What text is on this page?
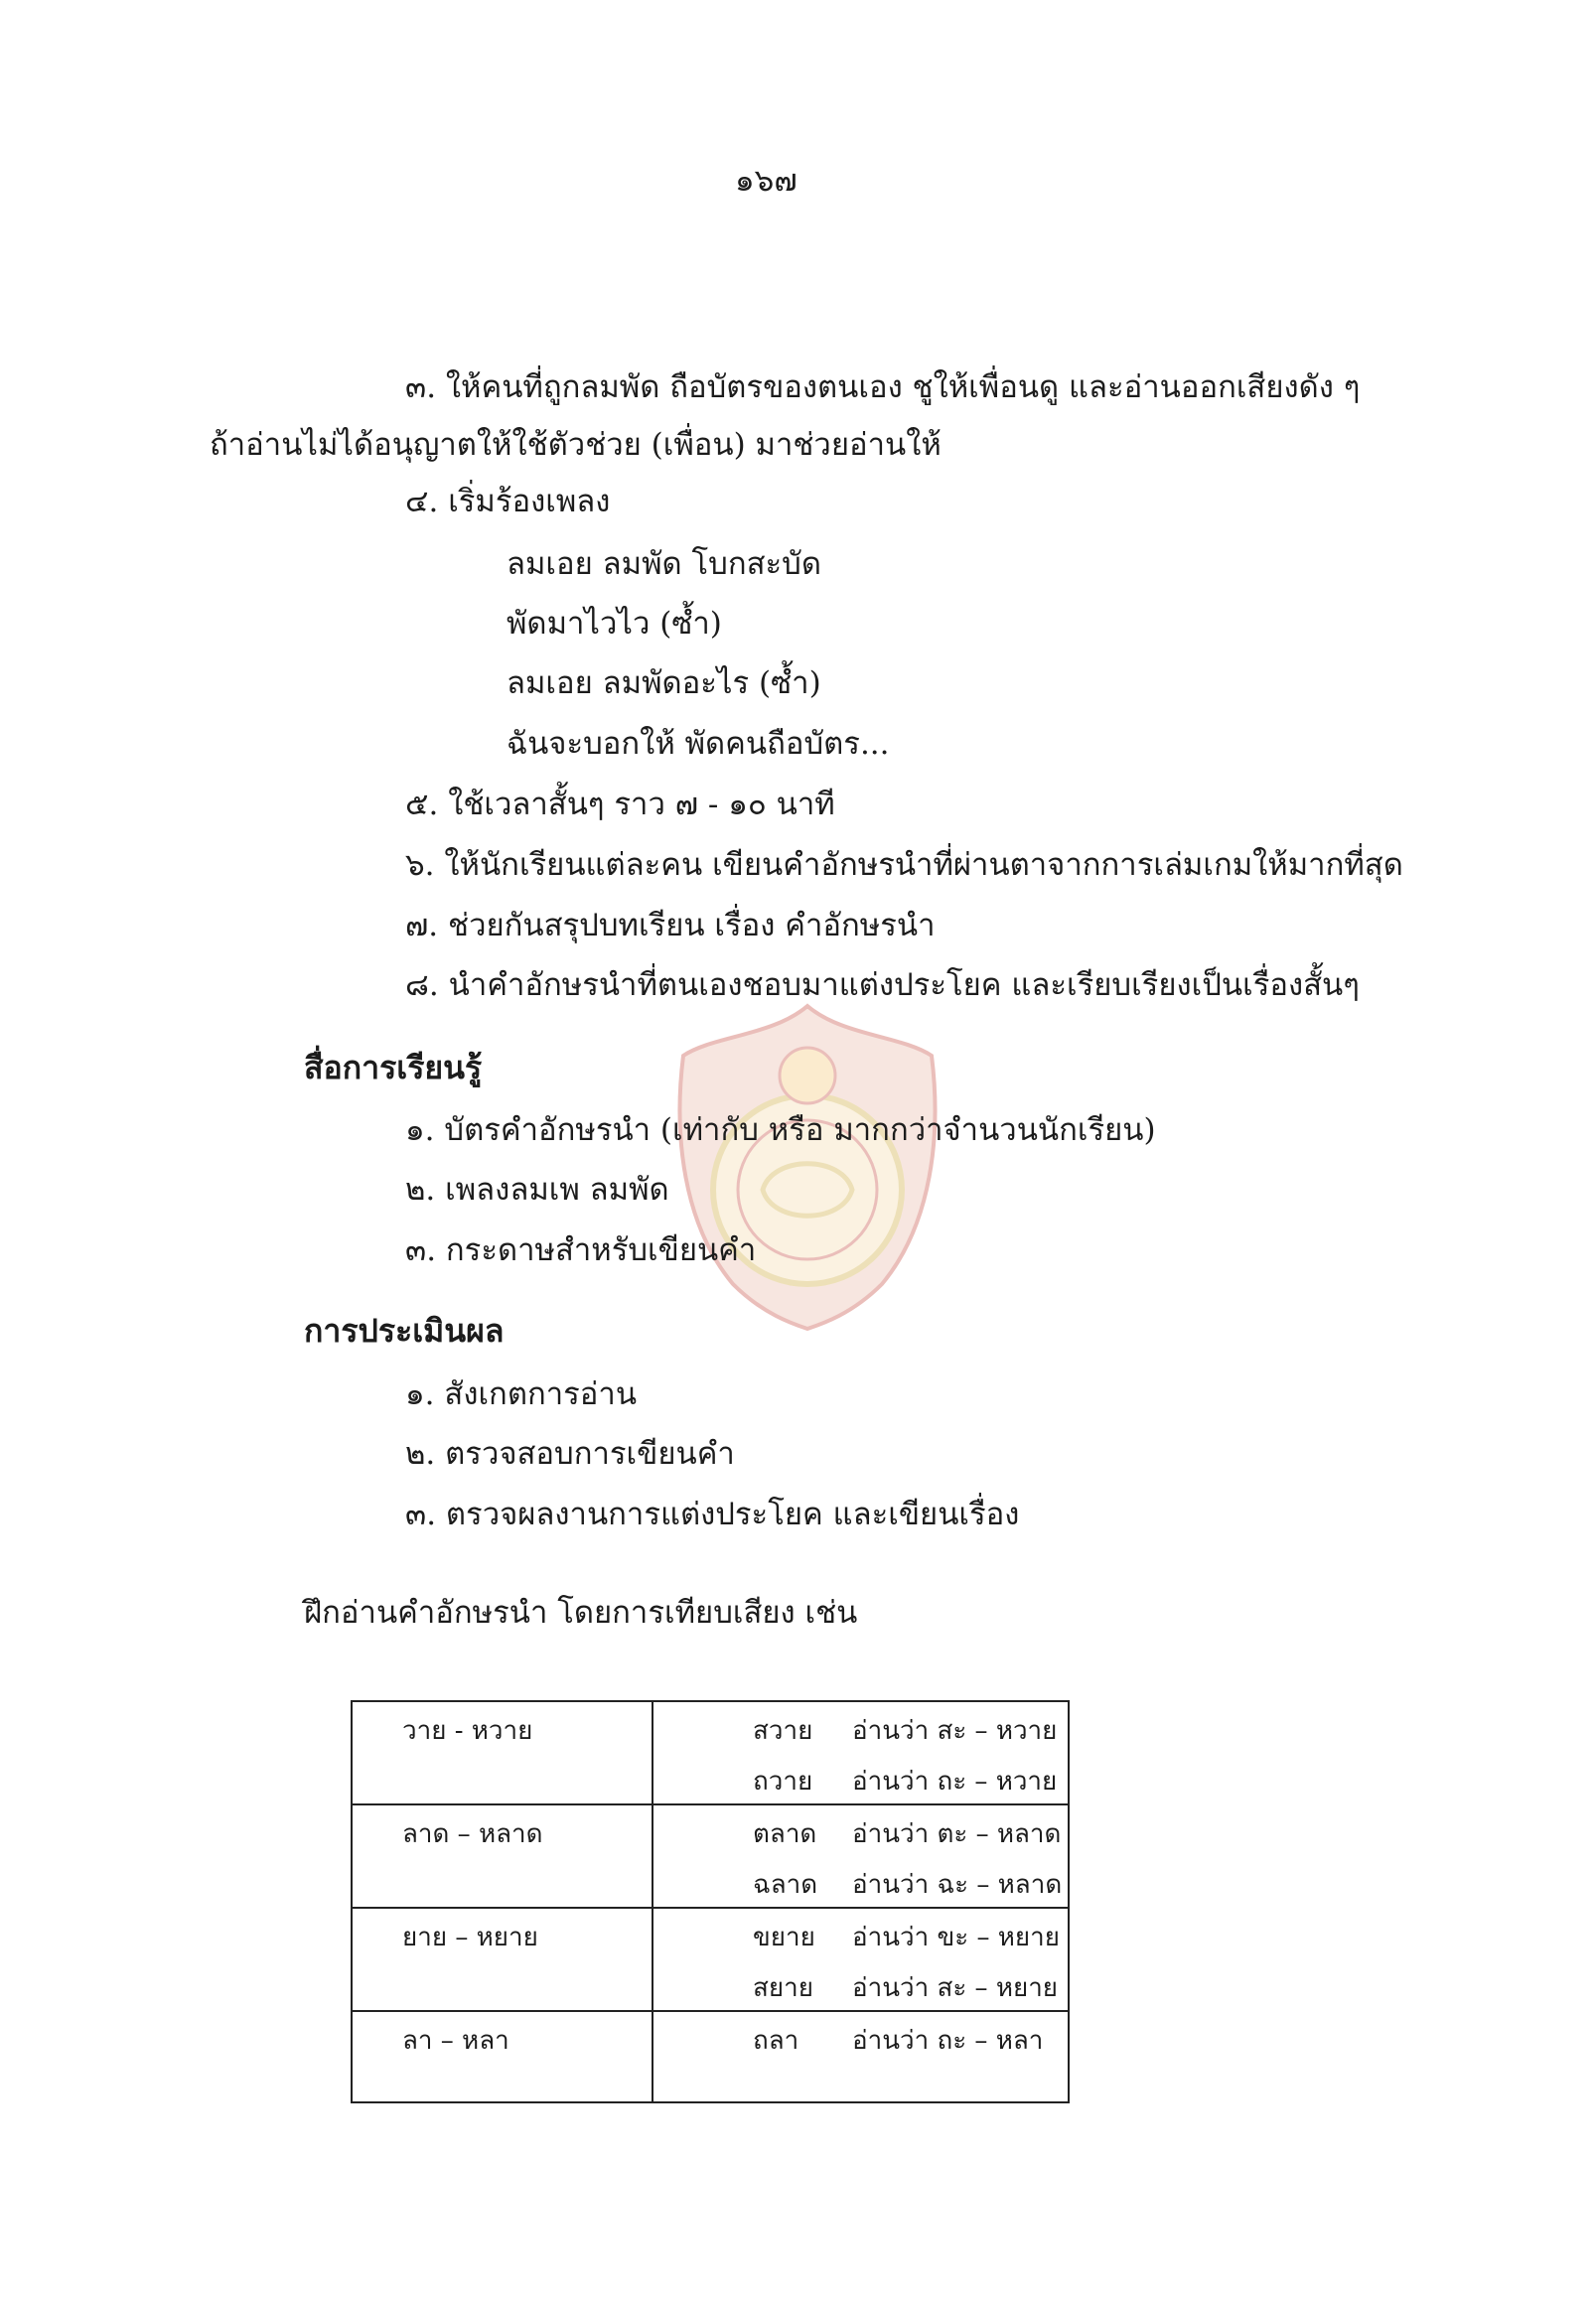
๑๖๗
๓. ให้คนที่ถูกลมพัด ถือบัตรของตนเอง ชูให้เพื่อนดู และอ่านออกเสียงดัง ๆ
ถ้าอ่านไม่ได้อนุญาตให้ใช้ตัวช่วย (เพื่อน) มาช่วยอ่านให้
๔. เริ่มร้องเพลง
ลมเอย ลมพัด โบกสะบัด
พัดมาไวไว (ซ้ำ)
ลมเอย ลมพัดอะไร (ซ้ำ)
ฉันจะบอกให้ พัดคนถือบัตร...
๕. ใช้เวลาสั้นๆ ราว ๗ - ๑๐ นาที
๖. ให้นักเรียนแต่ละคน เขียนคำอักษรนำที่ผ่านตาจากการเล่มเกมให้มากที่สุด
๗. ช่วยกันสรุปบทเรียน เรื่อง คำอักษรนำ
๘. นำคำอักษรนำที่ตนเองชอบมาแต่งประโยค และเรียบเรียงเป็นเรื่องสั้นๆ
สื่อการเรียนรู้
๑. บัตรคำอักษรนำ (เท่ากับ หรือ มากกว่าจำนวนนักเรียน)
๒. เพลงลมเพ ลมพัด
๓. กระดาษสำหรับเขียนคำ
การประเมินผล
๑. สังเกตการอ่าน
๒. ตรวจสอบการเขียนคำ
๓. ตรวจผลงานการแต่งประโยค และเขียนเรื่อง
ฝึกอ่านคำอักษรนำ โดยการเทียบเสียง เช่น
วาย - หวาย	สวาย	อ่านว่า สะ – หวาย

	ถวาย	อ่านว่า ถะ – หวาย

ลาด – หลาด	ตลาด	อ่านว่า ตะ – หลาด

	ฉลาด	อ่านว่า ฉะ – หลาด

ยาย – หยาย	ขยาย	อ่านว่า ขะ – หยาย

	สยาย	อ่านว่า สะ – หยาย

ลา – หลา	ถลา	อ่านว่า ถะ – หลา
